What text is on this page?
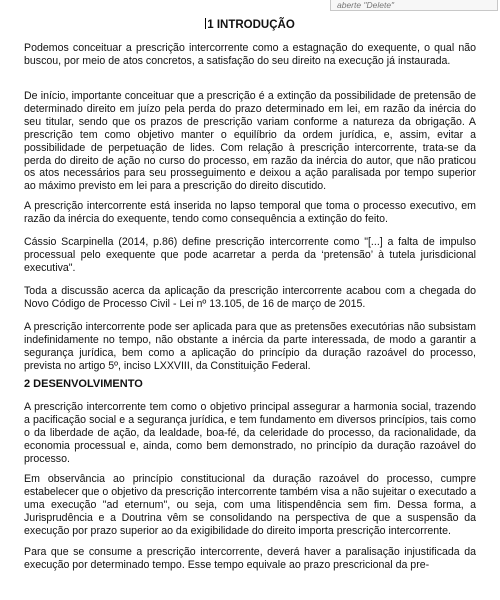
aberte "Delete"
1 INTRODUÇÃO

Podemos conceituar a prescrição intercorrente como a estagnação do exequente, o qual não buscou, por meio de atos concretos, a satisfação do seu direito na execução já instaurada.

De início, importante conceituar que a prescrição é a extinção da possibilidade de pretensão de determinado direito em juízo pela perda do prazo determinado em lei, em razão da inércia do seu titular, sendo que os prazos de prescrição variam conforme a natureza da obrigação. A prescrição tem como objetivo manter o equilíbrio da ordem jurídica, e, assim, evitar a possibilidade de perpetuação de lides. Com relação à prescrição intercorrente, trata-se da perda do direito de ação no curso do processo, em razão da inércia do autor, que não praticou os atos necessários para seu prosseguimento e deixou a ação paralisada por tempo superior ao máximo previsto em lei para a prescrição do direito discutido.

A prescrição intercorrente está inserida no lapso temporal que toma o processo executivo, em razão da inércia do exequente, tendo como consequência a extinção do feito.

Cássio Scarpinella (2014, p.86) define prescrição intercorrente como "[...] a falta de impulso processual pelo exequente que pode acarretar a perda da ‘pretensão’ à tutela jurisdicional executiva".

Toda a discussão acerca da aplicação da prescrição intercorrente acabou com a chegada do Novo Código de Processo Civil - Lei nº 13.105, de 16 de março de 2015.

A prescrição intercorrente pode ser aplicada para que as pretensões executórias não subsistam indefinidamente no tempo, não obstante a inércia da parte interessada, de modo a garantir a segurança jurídica, bem como a aplicação do princípio da duração razoável do processo, prevista no artigo 5º, inciso LXXVIII, da Constituição Federal.

2 DESENVOLVIMENTO

A prescrição intercorrente tem como o objetivo principal assegurar a harmonia social, trazendo a pacificação social e a segurança jurídica, e tem fundamento em diversos princípios, tais como o da liberdade de ação, da lealdade, boa-fé, da celeridade do processo, da racionalidade, da economia processual e, ainda, como bem demonstrado, no princípio da duração razoável do processo.

Em observância ao princípio constitucional da duração razoável do processo, cumpre estabelecer que o objetivo da prescrição intercorrente também visa a não sujeitar o executado a uma execução "ad eternum", ou seja, com uma litispendência sem fim. Dessa forma, a Jurisprudência e a Doutrina vêm se consolidando na perspectiva de que a suspensão da execução por prazo superior ao da exigibilidade do direito importa prescrição intercorrente.

Para que se consume a prescrição intercorrente, deverá haver a paralisação injustificada da execução por determinado tempo. Esse tempo equivale ao prazo prescricional da pre-
